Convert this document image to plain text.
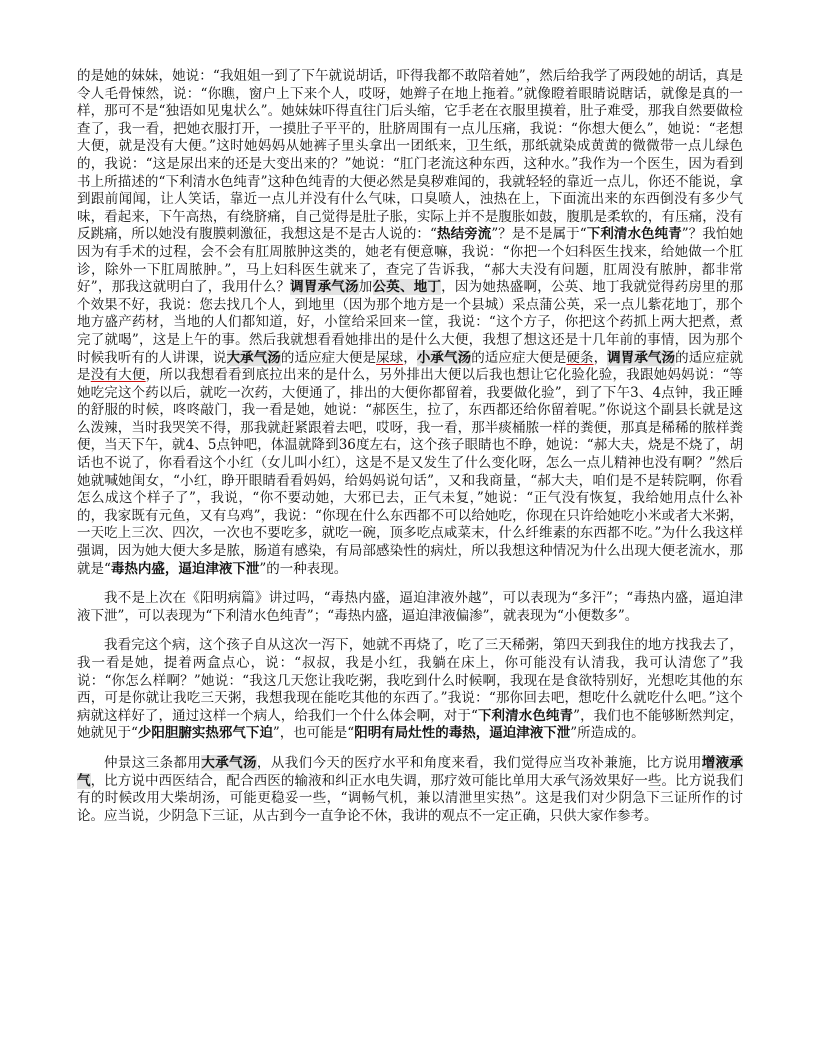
的是她的妹妹，她说：“我姐姐一到了下午就说胡话，吓得我都不敢陪着她”，然后给我学了两段她的胡话，真是令人毛骨悚然，说：“你瞧，窗户上下来个人，哎呀，她辫子在地上拖着。”就像瞪着眼睛说瞎话，就像是真的一样，那可不是“独语如见鬼状么”。她妹妹吓得直往门后头缩，它手老在衣服里摸着，肚子难受，那我自然要做检查了，我一看，把她衣服打开，一摸肚子平平的，肚脐周围有一点儿压痛，我说：“你想大便么”，她说：“老想大便，就是没有大便。”这时她妈妈从她裤子里头拿出一团纸来，卫生纸，那纸就染成黄黄的微微带一点儿绿色的，我说：“这是尿出来的还是大变出来的？”她说：“肛门老流这种东西，这种水。”我作为一个医生，因为看到书上所描述的“下利清水色纯青”这种色纯青的大便必然是臭秽难闻的，我就轻轻的靠近一点儿，你还不能说，拿到跟前闻闻，让人笑话，靠近一点儿并没有什么气味，口臭喷人，浊热在上，下面流出来的东西倒没有多少气味，看起来，下午高热，有绕脐痛，自己觉得是肚子胀，实际上并不是腹胀如鼓，腹肌是柔软的，有压痛，没有反跳痛，所以她没有腹膜刺激征，我想这是不是古人说的：“热结旁流”？是不是属于“下利清水色纯青”？我怕她因为有手术的过程，会不会有肛周脓肿这类的，她老有便意嘛，我说：“你把一个妇科医生找来，给她做一个肛诊，除外一下肛周脓肿。”，马上妇科医生就来了，查完了告诉我，“郝大夫没有问题，肛周没有脓肿，都非常好”，那我这就明白了，我用什么？调胃承气汤加公英、地丁，因为她热盛啊，公英、地丁我就觉得药房里的那个效果不好，我说：您去找几个人，到地里（因为那个地方是一个县城）采点蒲公英，采一点儿紫花地丁，那个地方盛产药材，当地的人们都知道，好，小筐给采回来一筐，我说：“这个方子，你把这个药抓上两大把煮，煮完了就喝”，这是上午的事。然后我就想看看她排出的是什么大便，我想了想这还是十几年前的事情，因为那个时候我听有的人讲课，说大承气汤的适应症大便是屎球，小承气汤的适应症大便是硬条，调胃承气汤的适应症就是没有大便，所以我想看看到底拉出来的是什么，另外排出大便以后我也想让它化验化验，我跟她妈妈说：“等她吃完这个药以后，就吃一次药，大便通了，排出的大便你都留着，我要做化验”，到了下午3、4点钟，我正睡的舒服的时候，咚咚敲门，我一看是她，她说：“郝医生，拉了，东西都还给你留着呢。”你说这个副县长就是这么泼辣，当时我哭笑不得，那我就赶紧跟着去吧，哎呀，我一看，那半痰桶脓一样的粪便，那真是稀稀的脓样粪便，当天下午，就4、5点钟吧，体温就降到36度左右，这个孩子眼睛也不睁，她说：“郝大夫，烧是不烧了，胡话也不说了，你看看这个小红（女儿叫小红），这是不是又发生了什么变化呀，怎么一点儿精神也没有啊？”然后她就喊她闺女，“小红，睁开眼睛看看妈妈，给妈妈说句话”，又和我商量，“郝大夫，咱们是不是转院啊，你看怎么成这个样子了”，我说，“你不要动她，大邪已去，正气未复，”她说：“正气没有恢复，我给她用点什么补的，我家既有元鱼，又有乌鸡”，我说：“你现在什么东西都不可以给她吃，你现在只许给她吃小米或者大米粥，一天吃上三次、四次，一次也不要吃多，就吃一碗，顶多吃点咸菜末，什么纤维素的东西都不吃。”为什么我这样强调，因为她大便大多是脓，肠道有感染，有局部感染性的病灶，所以我想这种情况为什么出现大便老流水，那就是“毒热内盛，逼迫津液下泄”的一种表现。

我不是上次在《阳明病篇》讲过吗，“毒热内盛，逼迫津液外越”，可以表现为“多汗”；“毒热内盛，逼迫津液下泄”，可以表现为“下利清水色纯青”；“毒热内盛，逼迫津液偏渗”，就表现为“小便数多”。

我看完这个病，这个孩子自从这次一泻下，她就不再烧了，吃了三天稀粥，第四天到我住的地方找我去了，我一看是她，提着两盒点心，说：“叔叔，我是小红，我躺在床上，你可能没有认清我，我可认清您了”我说：“你怎么样啊？”她说：“我这几天您让我吃粥，我吃到什么时候啊，我现在是食欲特别好，光想吃其他的东西，可是你就让我吃三天粥，我想我现在能吃其他的东西了。”我说：“那你回去吧，想吃什么就吃什么吧。”这个病就这样好了，通过这样一个病人，给我们一个什么体会啊，对于“下利清水色纯青”，我们也不能够断然判定，她就见于“少阳胆腑实热邪气下迫”，也可能是“阳明有局灶性的毒热，逼迫津液下泄”所造成的。

仲景这三条都用大承气汤，从我们今天的医疗水平和角度来看，我们觉得应当攻补兼施，比方说用增液承气，比方说中西医结合，配合西医的输液和纠正水电失调，那疗效可能比单用大承气汤效果好一些。比方说我们有的时候改用大柴胡汤，可能更稳妥一些，“调畅气机，兼以清泄里实热”。这是我们对少阴急下三证所作的讨论。应当说，少阴急下三证，从古到今一直争论不休，我讲的观点不一定正确，只供大家作参考。
